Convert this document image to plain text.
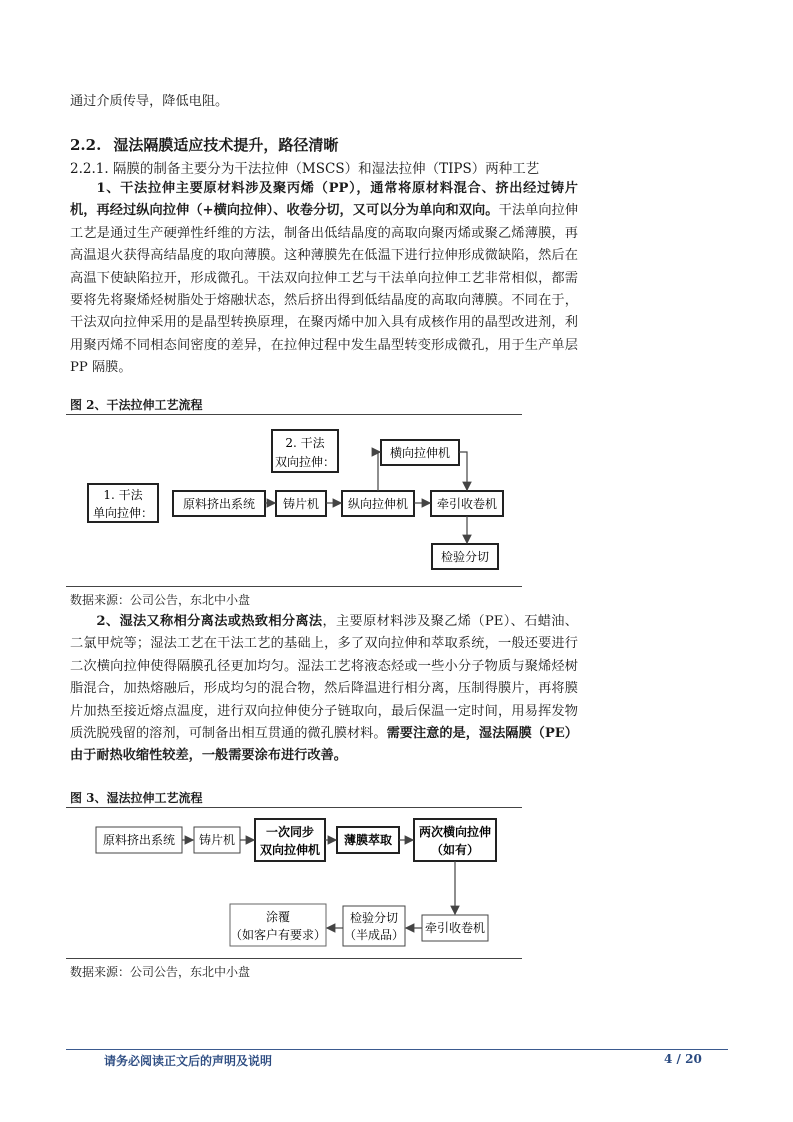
通过介质传导，降低电阻。
2.2. 湿法隔膜适应技术提升，路径清晰
2.2.1. 隔膜的制备主要分为干法拉伸（MSCS）和湿法拉伸（TIPS）两种工艺
1、干法拉伸主要原材料涉及聚丙烯（PP），通常将原材料混合、挤出经过铸片机，再经过纵向拉伸（+横向拉伸）、收卷分切，又可以分为单向和双向。干法单向拉伸工艺是通过生产硬弹性纤维的方法，制备出低结晶度的高取向聚丙烯或聚乙烯薄膜，再高温退火获得高结晶度的取向薄膜。这种薄膜先在低温下进行拉伸形成微缺陷，然后在高温下使缺陷拉开，形成微孔。干法双向拉伸工艺与干法单向拉伸工艺非常相似，都需要将先将聚烯烃树脂处于熔融状态，然后挤出得到低结晶度的高取向薄膜。不同在于，干法双向拉伸采用的是晶型转换原理，在聚丙烯中加入具有成核作用的晶型改进剂，利用聚丙烯不同相态间密度的差异，在拉伸过程中发生晶型转变形成微孔，用于生产单层 PP 隔膜。
图 2、干法拉伸工艺流程
1. 干法
单向拉伸：
2. 干法
双向拉伸：
原料挤出系统 铸片机 纵向拉伸机 牵引收卷机
横向拉伸机
检验分切
数据来源：公司公告，东北中小盘
2、湿法又称相分离法或热致相分离法，主要原材料涉及聚乙烯（PE）、石蜡油、二氯甲烷等；湿法工艺在干法工艺的基础上，多了双向拉伸和萃取系统，一般还要进行二次横向拉伸使得隔膜孔径更加均匀。湿法工艺将液态烃或一些小分子物质与聚烯烃树脂混合，加热熔融后，形成均匀的混合物，然后降温进行相分离，压制得膜片，再将膜片加热至接近熔点温度，进行双向拉伸使分子链取向，最后保温一定时间，用易挥发物质洗脱残留的溶剂，可制备出相互贯通的微孔膜材料。需要注意的是，湿法隔膜（PE）由于耐热收缩性较差，一般需要涂布进行改善。
图 3、湿法拉伸工艺流程
原料挤出系统 铸片机
一次同步
双向拉伸机
薄膜萃取
两次横向拉伸
（如有）
牵引收卷机
检验分切
（半成品）
涂覆
（如客户有要求）
数据来源：公司公告，东北中小盘
请务必阅读正文后的声明及说明	4 / 20
